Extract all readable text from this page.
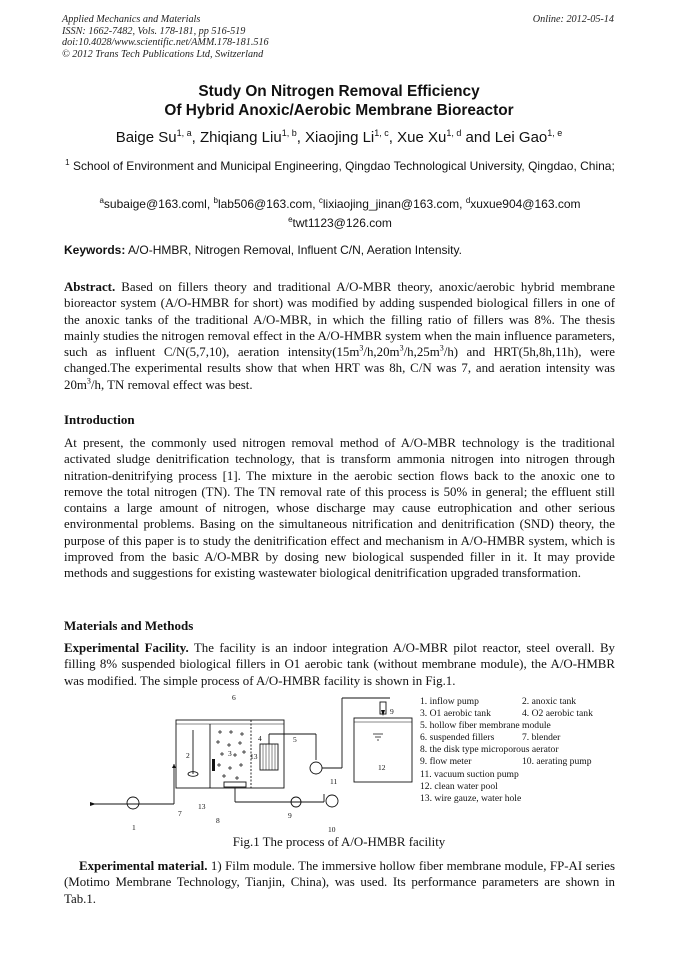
Applied Mechanics and Materials
ISSN: 1662-7482, Vols. 178-181, pp 516-519
doi:10.4028/www.scientific.net/AMM.178-181.516
© 2012 Trans Tech Publications Ltd, Switzerland
Online: 2012-05-14
Study On Nitrogen Removal Efficiency
Of Hybrid Anoxic/Aerobic Membrane Bioreactor
Baige Su$^{1, a}$, Zhiqiang Liu$^{1, b}$, Xiaojing Li$^{1, c}$, Xue Xu$^{1, d}$ and Lei Gao$^{1, e}$
$^1$ School of Environment and Municipal Engineering, Qingdao Technological University, Qingdao, China;
$^a$subaige@163.coml, $^b$lab506@163.com, $^c$lixiaojing_jinan@163.com, $^d$xuxue904@163.com
$^e$twt1123@126.com
Keywords: A/O-HMBR, Nitrogen Removal, Influent C/N, Aeration Intensity.
Abstract. Based on fillers theory and traditional A/O-MBR theory, anoxic/aerobic hybrid membrane bioreactor system (A/O-HMBR for short) was modified by adding suspended biological fillers in one of the anoxic tanks of the traditional A/O-MBR, in which the filling ratio of fillers was 8%. The thesis mainly studies the nitrogen removal effect in the A/O-HMBR system when the main influence parameters, such as influent C/N(5,7,10), aeration $intensity(15m^3/h,20m^3/h,25m^3/h)$ and HRT(5h,8h,11h), were changed.The experimental results show that when HRT was 8h, C/N was 7, and aeration intensity was $20m^3/h$, TN removal effect was best.
Introduction
At present, the commonly used nitrogen removal method of A/O-MBR technology is the traditional activated sludge denitrification technology, that is transform ammonia nitrogen into nitrogen through nitration-denitrifying process [1]. The mixture in the aerobic section flows back to the anoxic one to remove the total nitrogen (TN). The TN removal rate of this process is 50% in general; the effluent still contains a large amount of nitrogen, whose discharge may cause eutrophication and other serious environmental problems. Basing on the simultaneous nitrification and denitrification (SND) theory, the purpose of this paper is to study the denitrification effect and mechanism in A/O-HMBR system, which is improved from the basic A/O-MBR by dosing new biological suspended filler in it. It may provide methods and suggestions for existing wastewater biological denitrification upgraded transformation.
Materials and Methods
Experimental Facility. The facility is an indoor integration A/O-MBR pilot reactor, steel overall. By filling 8% suspended biological fillers in O1 aerobic tank (without membrane module), the A/O-HMBR was modified. The simple process of A/O-HMBR facility is shown in Fig.1.
1
2	3
4	5
6
7
8
9
9
10
11
12
13
13
1. inflow pump	2. anoxic tank
3. O1 aerobic tank	4. O2 aerobic tank
5. hollow fiber membrane module
6. suspended fillers	7. blender
8. the disk type microporous aerator
9. flow meter	10. aerating pump
11. vacuum suction pump
12. clean water pool
13. wire gauze, water hole
Fig.1 The process of A/O-HMBR facility
Experimental material. 1) Film module. The immersive hollow fiber membrane module, FP-AI series (Motimo Membrane Technology, Tianjin, China), was used. Its performance parameters are shown in Tab.1.
